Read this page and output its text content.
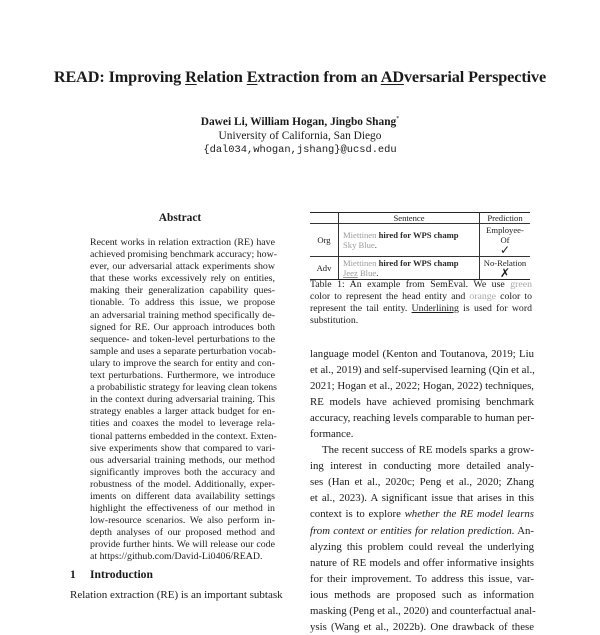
READ: Improving Relation Extraction from an ADversarial Perspective
Dawei Li, William Hogan, Jingbo Shang*
University of California, San Diego
{dal034,whogan,jshang}@ucsd.edu
Abstract
Recent works in relation extraction (RE) have
achieved promising benchmark accuracy; how-
ever, our adversarial attack experiments show
that these works excessively rely on entities,
making their generalization capability ques-
tionable. To address this issue, we propose
an adversarial training method specifically de-
signed for RE. Our approach introduces both
sequence- and token-level perturbations to the
sample and uses a separate perturbation vocab-
ulary to improve the search for entity and con-
text perturbations. Furthermore, we introduce
a probabilistic strategy for leaving clean tokens
in the context during adversarial training. This
strategy enables a larger attack budget for en-
tities and coaxes the model to leverage rela-
tional patterns embedded in the context. Exten-
sive experiments show that compared to vari-
ous adversarial training methods, our method
significantly improves both the accuracy and
robustness of the model. Additionally, exper-
iments on different data availability settings
highlight the effectiveness of our method in
low-resource scenarios. We also perform in-
depth analyses of our proposed method and
provide further hints. We will release our code
at https://github.com/David-Li0406/READ.
1 Introduction
Relation extraction (RE) is an important subtask
	Sentence	Prediction
Org	Miettinen hired for WPS champ
Sky Blue.	Employee-Of
✓

Adv	Miettinen hired for WPS champ
Jeez Blue.	No-Relation
✗
Table 1: An example from SemEval. We use green
color to represent the head entity and orange color to
represent the tail entity. Underlining is used for word
substitution.
language model (Kenton and Toutanova, 2019; Liu
et al., 2019) and self-supervised learning (Qin et al.,
2021; Hogan et al., 2022; Hogan, 2022) techniques,
RE models have achieved promising benchmark
accuracy, reaching levels comparable to human per-
formance.
The recent success of RE models sparks a grow-
ing interest in conducting more detailed analy-
ses (Han et al., 2020c; Peng et al., 2020; Zhang
et al., 2023). A significant issue that arises in this
context is to explore whether the RE model learns
from context or entities for relation prediction. An-
alyzing this problem could reveal the underlying
nature of RE models and offer informative insights
for their improvement. To address this issue, var-
ious methods are proposed such as information
masking (Peng et al., 2020) and counterfactual anal-
ysis (Wang et al., 2022b). One drawback of these
